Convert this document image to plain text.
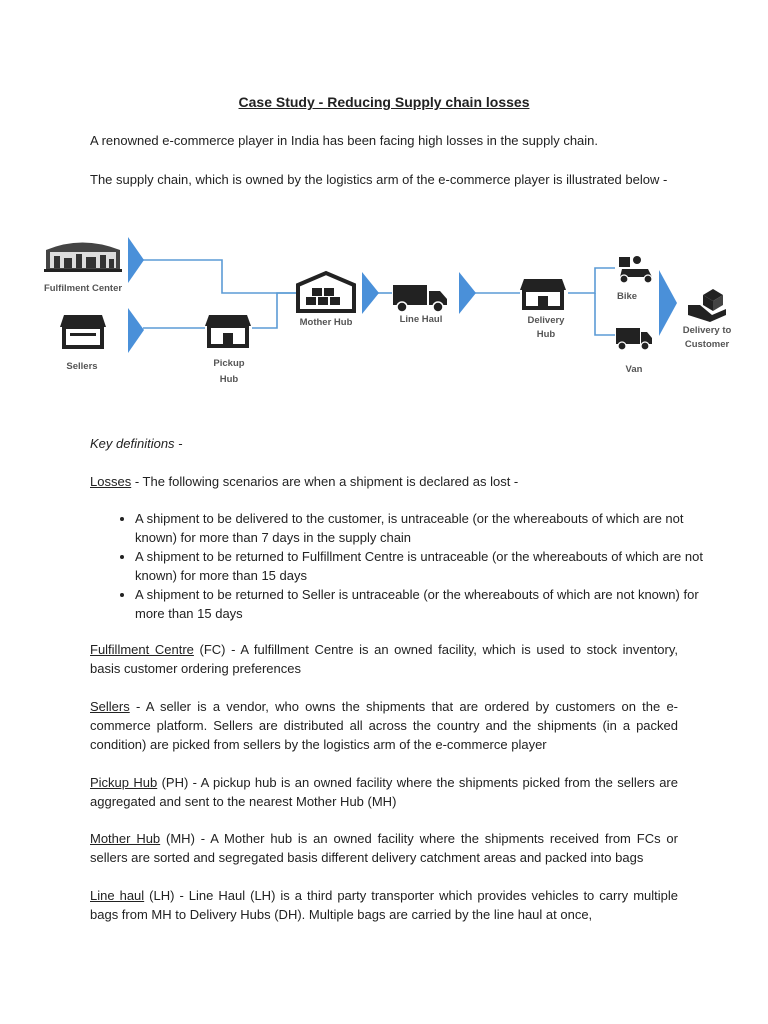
Case Study - Reducing Supply chain losses

A renowned e-commerce player in India has been facing high losses in the supply chain.

The supply chain, which is owned by the logistics arm of the e-commerce player is illustrated below -

Fulfilment Center
Sellers	Pickup
Hub
Mother Hub	Line Haul	Delivery
Hub
Bike
Van
Delivery to
Customer

Key definitions -

Losses - The following scenarios are when a shipment is declared as lost -

• A shipment to be delivered to the customer, is untraceable (or the whereabouts of which are not known) for more than 7 days in the supply chain
• A shipment to be returned to Fulfillment Centre is untraceable (or the whereabouts of which are not known) for more than 15 days
• A shipment to be returned to Seller is untraceable (or the whereabouts of which are not known) for more than 15 days

Fulfillment Centre (FC) - A fulfillment Centre is an owned facility, which is used to stock inventory, basis customer ordering preferences

Sellers - A seller is a vendor, who owns the shipments that are ordered by customers on the e-commerce platform. Sellers are distributed all across the country and the shipments (in a packed condition) are picked from sellers by the logistics arm of the e-commerce player

Pickup Hub (PH) - A pickup hub is an owned facility where the shipments picked from the sellers are aggregated and sent to the nearest Mother Hub (MH)

Mother Hub (MH) - A Mother hub is an owned facility where the shipments received from FCs or sellers are sorted and segregated basis different delivery catchment areas and packed into bags

Line haul (LH) - Line Haul (LH) is a third party transporter which provides vehicles to carry multiple bags from MH to Delivery Hubs (DH). Multiple bags are carried by the line haul at once,
